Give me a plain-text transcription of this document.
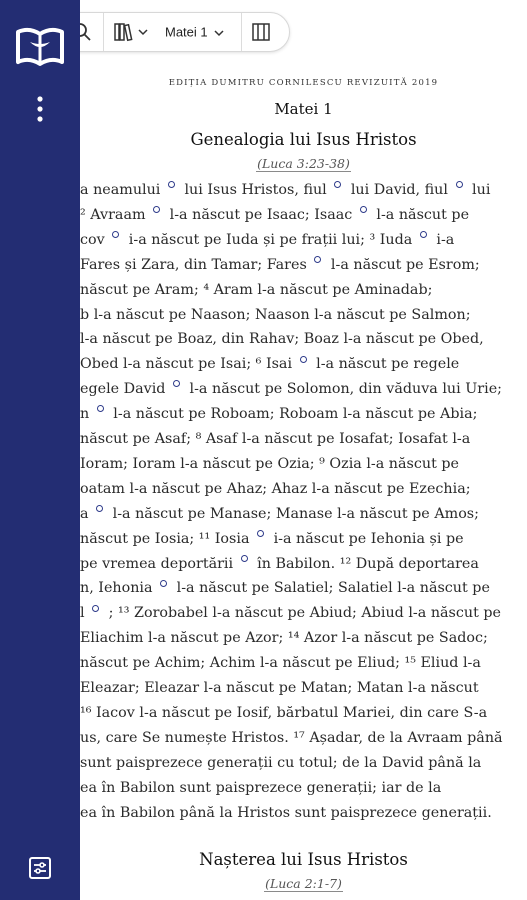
Matei 1
EDIȚIA DUMITRU CORNILESCU REVIZUITĂ 2019
Matei 1
Genealogia lui Isus Hristos
(Luca 3:23-38)
a neamului  lui Isus Hristos, fiul  lui David, fiul  lui
² Avraam  l-a născut pe Isaac; Isaac  l-a născut pe
cov  i-a născut pe Iuda și pe frații lui; ³ Iuda  i-a
Fares și Zara, din Tamar; Fares  l-a născut pe Esrom;
născut pe Aram; ⁴ Aram l-a născut pe Aminadab;
b l-a născut pe Naason; Naason l-a născut pe Salmon;
l-a născut pe Boaz, din Rahav; Boaz l-a născut pe Obed,
Obed l-a născut pe Isai; ⁶ Isai  l-a născut pe regele
egele David  l-a născut pe Solomon, din văduva lui Urie;
n  l-a născut pe Roboam; Roboam l-a născut pe Abia;
născut pe Asaf; ⁸ Asaf l-a născut pe Iosafat; Iosafat l-a
Ioram; Ioram l-a născut pe Ozia; ⁹ Ozia l-a născut pe
oatam l-a născut pe Ahaz; Ahaz l-a născut pe Ezechia;
a  l-a născut pe Manase; Manase l-a născut pe Amos;
născut pe Iosia; ¹¹ Iosia  i-a născut pe Iehonia și pe
pe vremea deportării  în Babilon. ¹² După deportarea
n, Iehonia  l-a născut pe Salatiel; Salatiel l-a născut pe
l  ; ¹³ Zorobabel l-a născut pe Abiud; Abiud l-a născut pe
Eliachim l-a născut pe Azor; ¹⁴ Azor l-a născut pe Sadoc;
născut pe Achim; Achim l-a născut pe Eliud; ¹⁵ Eliud l-a
Eleazar; Eleazar l-a născut pe Matan; Matan l-a născut
¹⁶ Iacov l-a născut pe Iosif, bărbatul Mariei, din care S-a
us, care Se numește Hristos. ¹⁷ Așadar, de la Avraam până
sunt paisprezece generații cu totul; de la David până la
ea în Babilon sunt paisprezece generații; iar de la
ea în Babilon până la Hristos sunt paisprezece generații.
Nașterea lui Isus Hristos
(Luca 2:1-7)
